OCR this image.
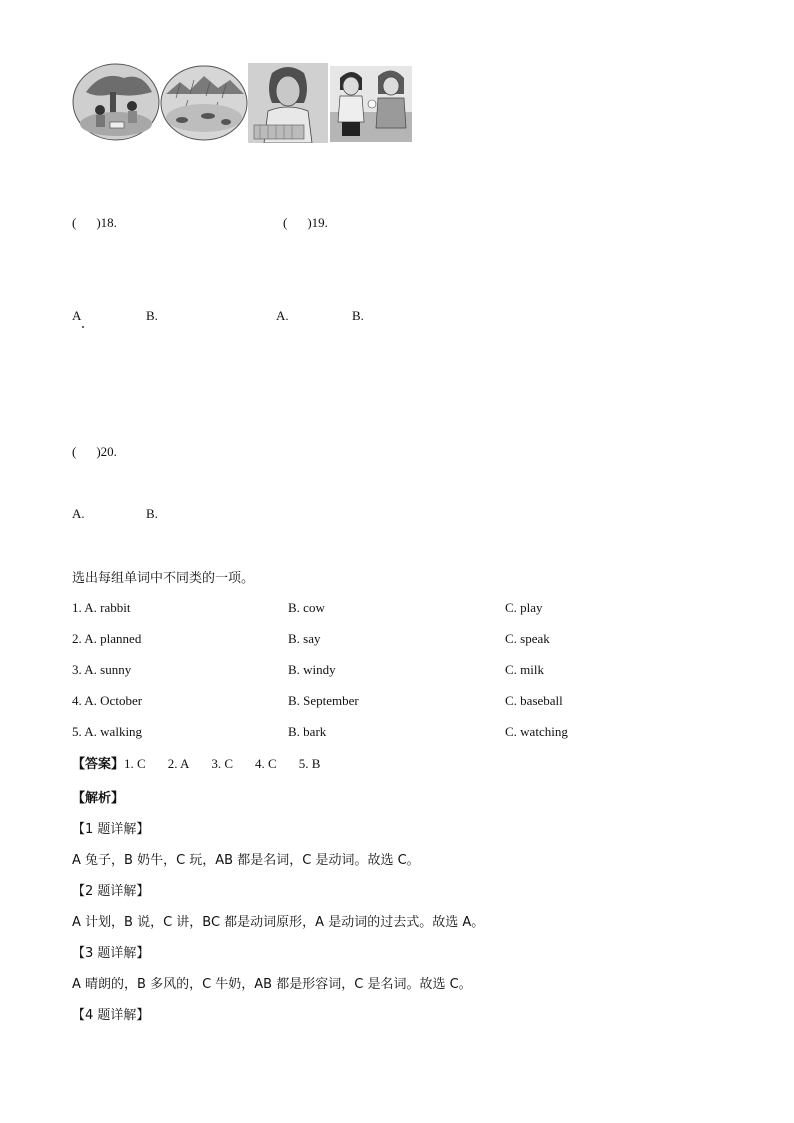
( )18.	( )19.
A	B.	A.	B.
( )20.
A.	B.
选出每组单词中不同类的一项。
1. A. rabbit	B. cow	C. play
2. A. planned	B. say	C. speak
3. A. sunny	B. windy	C. milk
4. A. October	B. September	C. baseball
5. A. walking	B. bark	C. watching
【答案】1. C 2. A 3. C 4. C 5. B
【解析】
【1 题详解】
A 兔子，B 奶牛，C 玩，AB 都是名词，C 是动词。故选 C。
【2 题详解】
A 计划，B 说，C 讲，BC 都是动词原形，A 是动词的过去式。故选 A。
【3 题详解】
A 晴朗的，B 多风的，C 牛奶，AB 都是形容词，C 是名词。故选 C。
【4 题详解】
